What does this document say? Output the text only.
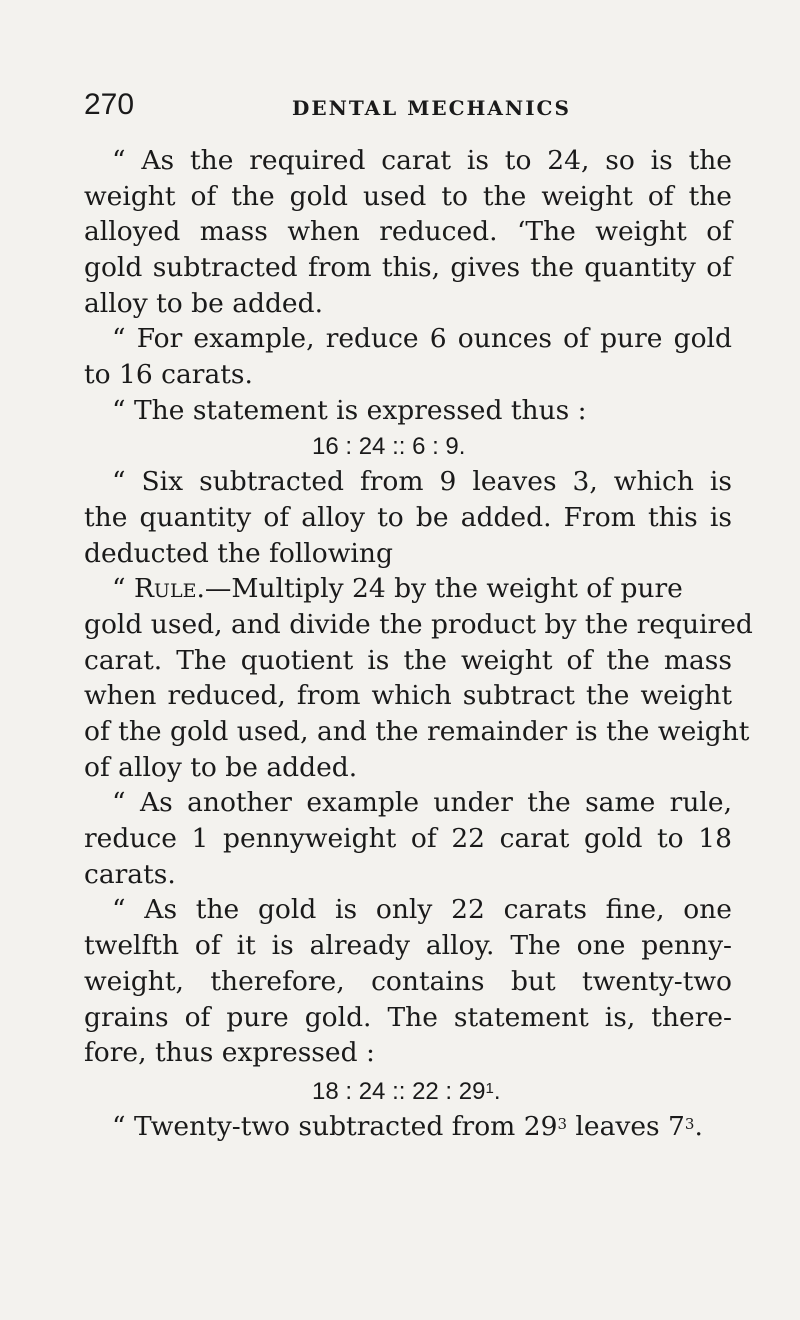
270	DENTAL MECHANICS
“ As the required carat is to 24, so is the
weight of the gold used to the weight of the
alloyed mass when reduced. ‘The weight of
gold subtracted from this, gives the quantity of
alloy to be added.
“ For example, reduce 6 ounces of pure gold
to 16 carats.
“ The statement is expressed thus :
16 : 24 :: 6 : 9.
“ Six subtracted from 9 leaves 3, which is
the quantity of alloy to be added. From this is
deducted the following
“ Rule.—Multiply 24 by the weight of pure
gold used, and divide the product by the required
carat. The quotient is the weight of the mass
when reduced, from which subtract the weight
of the gold used, and the remainder is the weight
of alloy to be added.
“ As another example under the same rule,
reduce 1 pennyweight of 22 carat gold to 18
carats.
“ As the gold is only 22 carats fine, one
twelfth of it is already alloy. The one penny-
weight, therefore, contains but twenty-two
grains of pure gold. The statement is, there-
fore, thus expressed :
18 : 24 :: 22 : $29^1$.
“ Twenty-two subtracted from $29^3$ leaves $7^3$.
